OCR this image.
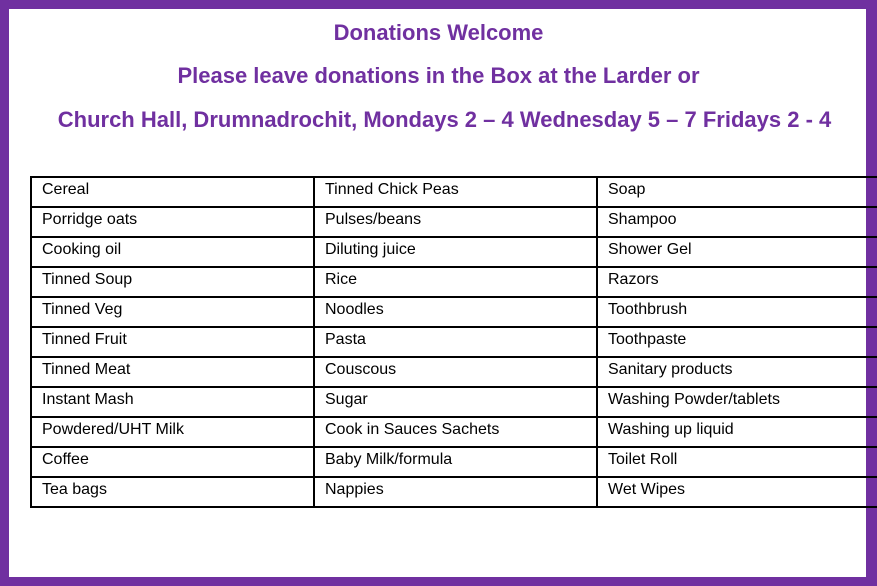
Donations Welcome
Please leave donations in the Box at the Larder or
Church Hall, Drumnadrochit, Mondays 2 – 4 Wednesday 5 – 7 Fridays 2 - 4
Cereal	Tinned Chick Peas	Soap
Porridge oats	Pulses/beans	Shampoo
Cooking oil	Diluting juice	Shower Gel
Tinned Soup	Rice	Razors
Tinned Veg	Noodles	Toothbrush
Tinned Fruit	Pasta	Toothpaste
Tinned Meat	Couscous	Sanitary products
Instant Mash	Sugar	Washing Powder/tablets
Powdered/UHT Milk	Cook in Sauces Sachets	Washing up liquid
Coffee	Baby Milk/formula	Toilet Roll
Tea bags	Nappies	Wet Wipes
